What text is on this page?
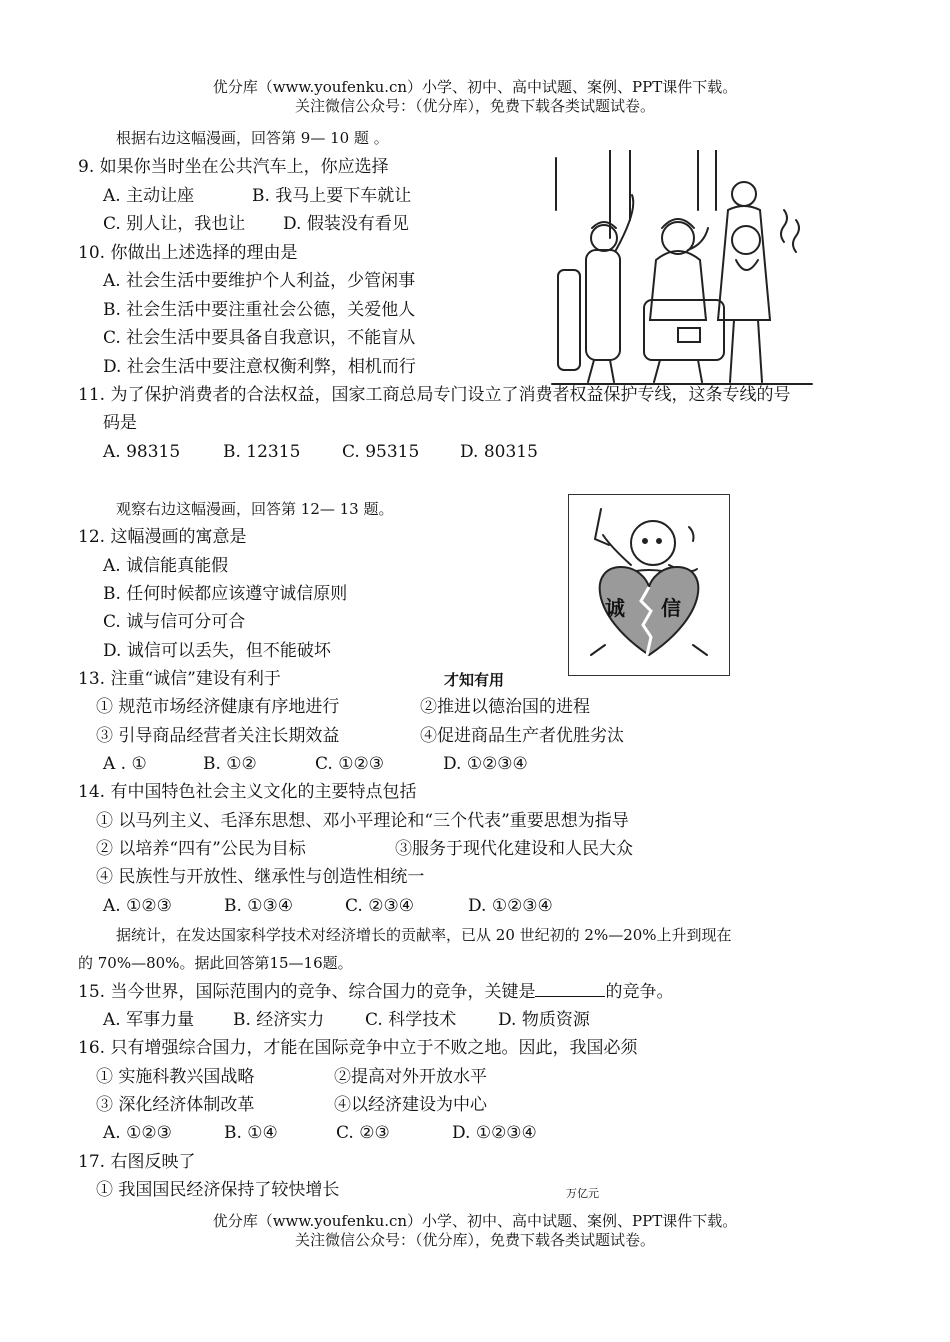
优分库（www.youfenku.cn）小学、初中、高中试题、案例、PPT课件下载。
关注微信公众号：（优分库），免费下载各类试题试卷。
根据右边这幅漫画，回答第 9— 10 题 。
9. 如果你当时坐在公共汽车上，你应选择
A. 主动让座	B. 我马上要下车就让
C. 别人让，我也让 D. 假装没有看见
10. 你做出上述选择的理由是
A. 社会生活中要维护个人利益，少管闲事
B. 社会生活中要注重社会公德，关爱他人
C. 社会生活中要具备自我意识，不能盲从
D. 社会生活中要注意权衡利弊，相机而行
11. 为了保护消费者的合法权益，国家工商总局专门设立了消费者权益保护专线，这条专线的号
码是
A. 98315	B. 12315 C. 95315 D. 80315
观察右边这幅漫画，回答第 12— 13 题。
诚 信
12. 这幅漫画的寓意是
A. 诚信能真能假
B. 任何时候都应该遵守诚信原则
C. 诚与信可分可合
D. 诚信可以丢失，但不能破坏
13. 注重“诚信”建设有利于	才知有用
① 规范市场经济健康有序地进行	②推进以德治国的进程
③ 引导商品经营者关注长期效益	④促进商品生产者优胜劣汰
A . ①	B. ①②	C. ①②③	D. ①②③④
14. 有中国特色社会主义文化的主要特点包括
① 以马列主义、毛泽东思想、邓小平理论和“三个代表”重要思想为指导
② 以培养“四有”公民为目标	③服务于现代化建设和人民大众
④ 民族性与开放性、继承性与创造性相统一
A. ①②③	B. ①③④	C. ②③④	D. ①②③④
据统计，在发达国家科学技术对经济增长的贡献率，已从 20 世纪初的 2%—20%上升到现在
的 70%—80%。据此回答第15—16题。
15. 当今世界，国际范围内的竞争、综合国力的竞争，关键是	的竞争。
A. 军事力量 B. 经济实力 C. 科学技术 D. 物质资源
16. 只有增强综合国力，才能在国际竞争中立于不败之地。因此，我国必须
① 实施科教兴国战略	②提高对外开放水平
③ 深化经济体制改革	④以经济建设为中心
A. ①②③	B. ①④	C. ②③	D. ①②③④
17. 右图反映了
① 我国国民经济保持了较快增长	万亿元
优分库（www.youfenku.cn）小学、初中、高中试题、案例、PPT课件下载。
关注微信公众号：（优分库），免费下载各类试题试卷。
